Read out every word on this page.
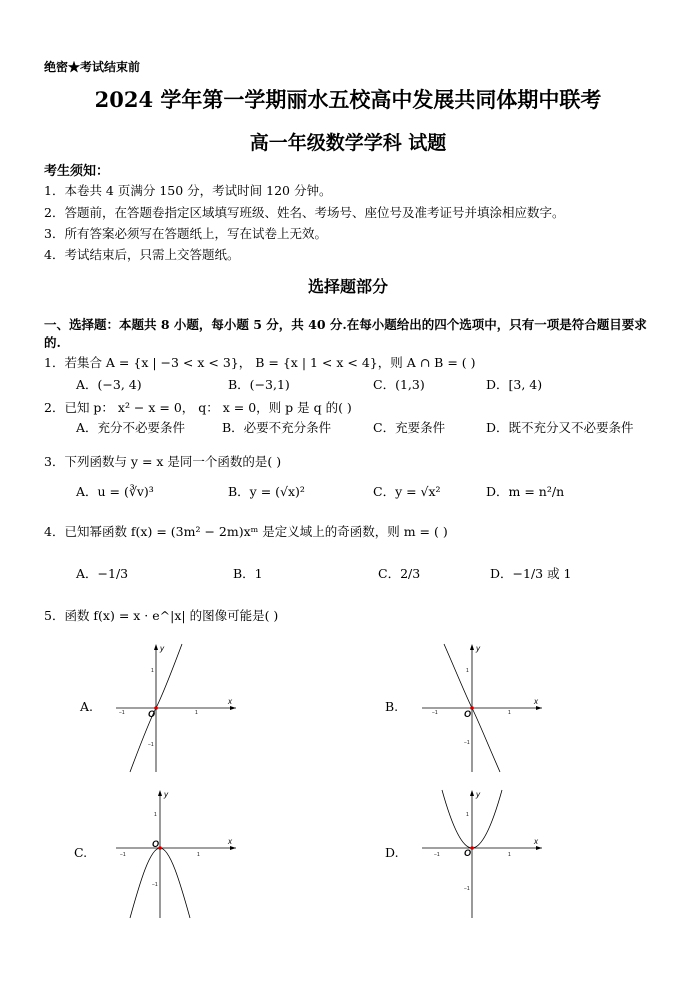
绝密★考试结束前
2024 学年第一学期丽水五校高中发展共同体期中联考
高一年级数学学科 试题
考生须知：
1．本卷共 4 页满分 150 分，考试时间 120 分钟。
2．答题前，在答题卷指定区域填写班级、姓名、考场号、座位号及准考证号并填涂相应数字。
3．所有答案必须写在答题纸上，写在试卷上无效。
4．考试结束后，只需上交答题纸。
选择题部分
一、选择题：本题共 8 小题，每小题 5 分，共 40 分.在每小题给出的四个选项中，只有一项是符合题目要求的.
1．若集合 A = {x | −3 < x < 3}， B = {x | 1 < x < 4}，则 A ∩ B = ( )
A．(−3, 4)	B．(−3,1)	C．(1,3)	D．[3, 4)
2．已知 p： x² − x = 0， q： x = 0，则 p 是 q 的( )
A．充分不必要条件	B．必要不充分条件	C．充要条件	D．既不充分又不必要条件
3．下列函数与 y = x 是同一个函数的是( )
A．u = (∛v)³	B．y = (√x)²	C．y = √x²	D．m = n²/n
4．已知幂函数 f(x) = (3m² − 2m)xᵐ 是定义域上的奇函数，则 m = ( )
A．−1/3	B．1	C．2/3	D．−1/3 或 1
5．函数 f(x) = x · e^|x| 的图像可能是( )
A.	B.
C.	D.
x
y
O	1
−1
1
−1
x
y
O	1
−1
1
−1
x
y
O
1
−1
1
−1
x
y
O	1
−1
1
−1
